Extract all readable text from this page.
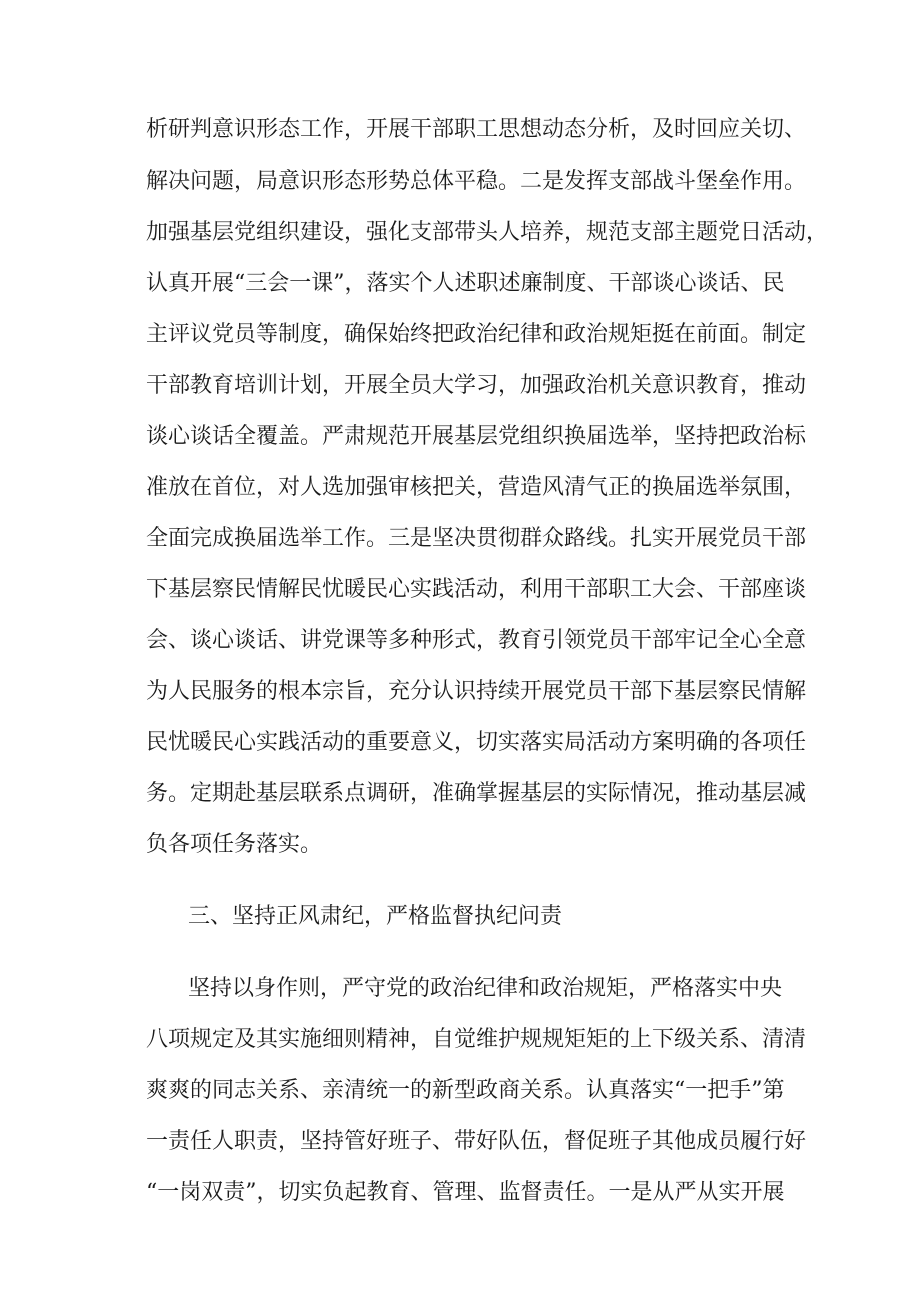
析研判意识形态工作，开展干部职工思想动态分析，及时回应关切、
解决问题，局意识形态形势总体平稳。二是发挥支部战斗堡垒作用。
加强基层党组织建设，强化支部带头人培养，规范支部主题党日活动，
认真开展“三会一课”，落实个人述职述廉制度、干部谈心谈话、民
主评议党员等制度，确保始终把政治纪律和政治规矩挺在前面。制定
干部教育培训计划，开展全员大学习，加强政治机关意识教育，推动
谈心谈话全覆盖。严肃规范开展基层党组织换届选举，坚持把政治标
准放在首位，对人选加强审核把关，营造风清气正的换届选举氛围，
全面完成换届选举工作。三是坚决贯彻群众路线。扎实开展党员干部
下基层察民情解民忧暖民心实践活动，利用干部职工大会、干部座谈
会、谈心谈话、讲党课等多种形式，教育引领党员干部牢记全心全意
为人民服务的根本宗旨，充分认识持续开展党员干部下基层察民情解
民忧暖民心实践活动的重要意义，切实落实局活动方案明确的各项任
务。定期赴基层联系点调研，准确掌握基层的实际情况，推动基层减
负各项任务落实。
三、坚持正风肃纪，严格监督执纪问责
坚持以身作则，严守党的政治纪律和政治规矩，严格落实中央
八项规定及其实施细则精神，自觉维护规规矩矩的上下级关系、清清
爽爽的同志关系、亲清统一的新型政商关系。认真落实“一把手”第
一责任人职责，坚持管好班子、带好队伍，督促班子其他成员履行好
“一岗双责”，切实负起教育、管理、监督责任。一是从严从实开展
